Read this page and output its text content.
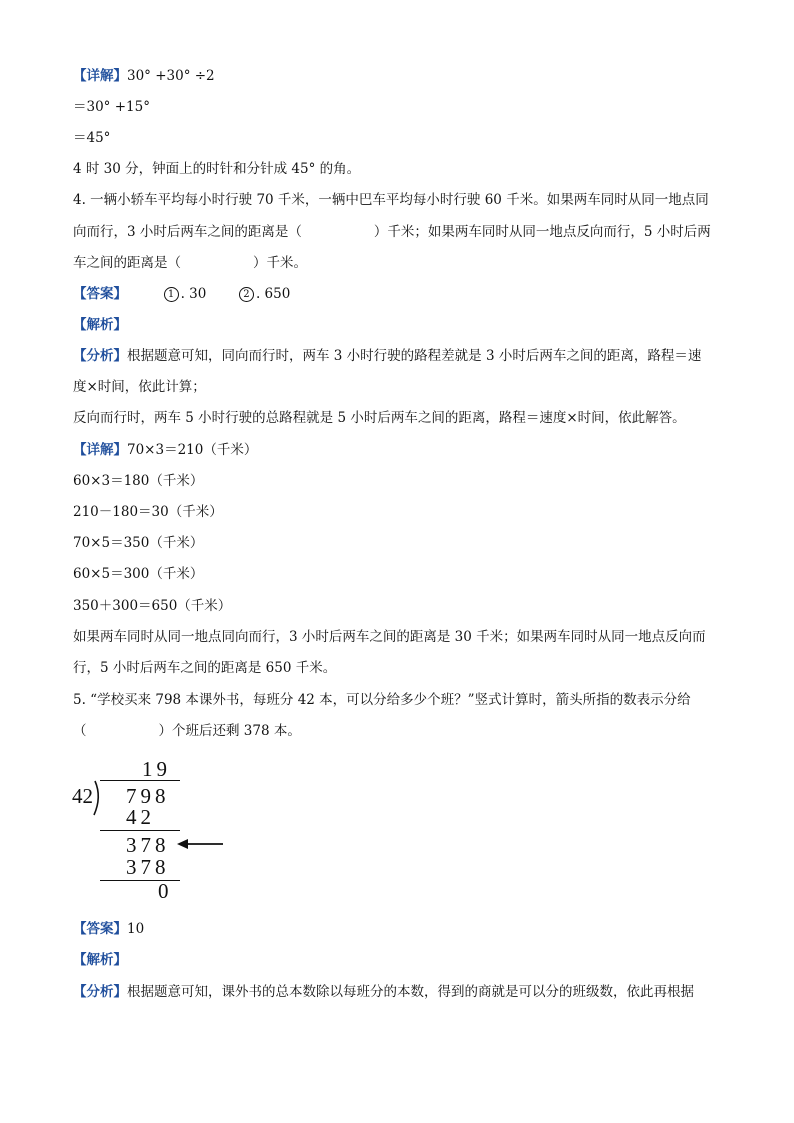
【详解】30° +30° ÷2
＝30° +15°
＝45°
4 时 30 分，钟面上的时针和分针成 45° 的角。
4. 一辆小轿车平均每小时行驶 70 千米，一辆中巴车平均每小时行驶 60 千米。如果两车同时从同一地点同
向而行，3 小时后两车之间的距离是（	）千米；如果两车同时从同一地点反向而行，5 小时后两
车之间的距离是（	）千米。
【答案】	1 . 30	2 . 650
【解析】
【分析】根据题意可知，同向而行时，两车 3 小时行驶的路程差就是 3 小时后两车之间的距离，路程＝速
度×时间，依此计算；
反向而行时，两车 5 小时行驶的总路程就是 5 小时后两车之间的距离，路程＝速度×时间，依此解答。
【详解】70×3＝210（千米）
60×3＝180（千米）
210－180＝30（千米）
70×5＝350（千米）
60×5＝300（千米）
350＋300＝650（千米）
如果两车同时从同一地点同向而行，3 小时后两车之间的距离是 30 千米；如果两车同时从同一地点反向而
行，5 小时后两车之间的距离是 650 千米。
5. “学校买来 798 本课外书，每班分 42 本，可以分给多少个班？”竖式计算时，箭头所指的数表示分给
（	）个班后还剩 378 本。
19
42 798
42
378
378
0
【答案】10
【解析】
【分析】根据题意可知，课外书的总本数除以每班分的本数，得到的商就是可以分的班级数，依此再根据
